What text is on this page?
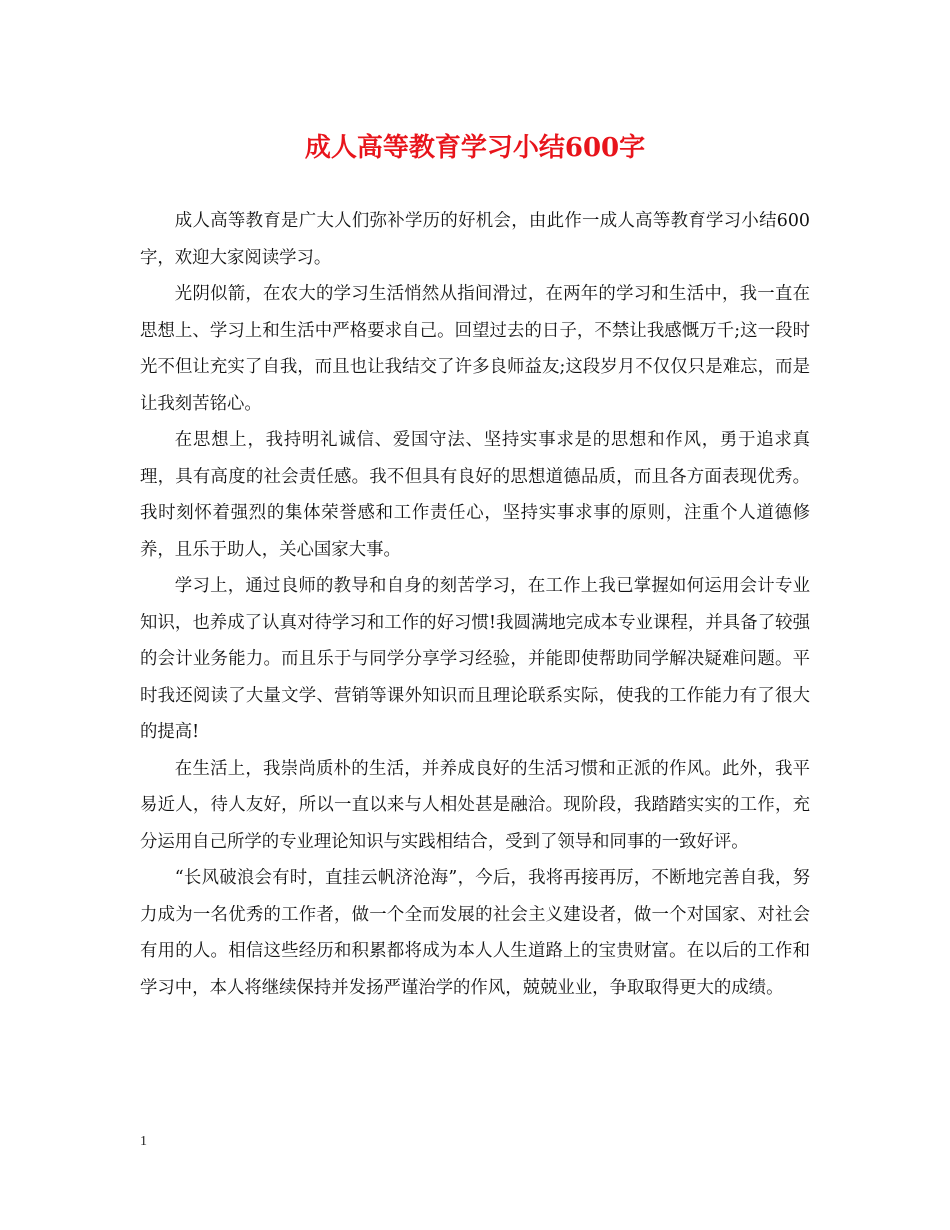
成人高等教育学习小结600字

成人高等教育是广大人们弥补学历的好机会，由此作一成人高等教育学习小结600字，欢迎大家阅读学习。

光阴似箭，在农大的学习生活悄然从指间滑过，在两年的学习和生活中，我一直在思想上、学习上和生活中严格要求自己。回望过去的日子，不禁让我感慨万千;这一段时光不但让充实了自我，而且也让我结交了许多良师益友;这段岁月不仅仅只是难忘，而是让我刻苦铭心。

在思想上，我持明礼诚信、爱国守法、坚持实事求是的思想和作风，勇于追求真理，具有高度的社会责任感。我不但具有良好的思想道德品质，而且各方面表现优秀。我时刻怀着强烈的集体荣誉感和工作责任心，坚持实事求事的原则，注重个人道德修养，且乐于助人，关心国家大事。

学习上，通过良师的教导和自身的刻苦学习，在工作上我已掌握如何运用会计专业知识，也养成了认真对待学习和工作的好习惯!我圆满地完成本专业课程，并具备了较强的会计业务能力。而且乐于与同学分享学习经验，并能即使帮助同学解决疑难问题。平时我还阅读了大量文学、营销等课外知识而且理论联系实际，使我的工作能力有了很大的提高!

在生活上，我崇尚质朴的生活，并养成良好的生活习惯和正派的作风。此外，我平易近人，待人友好，所以一直以来与人相处甚是融洽。现阶段，我踏踏实实的工作，充分运用自己所学的专业理论知识与实践相结合，受到了领导和同事的一致好评。

“长风破浪会有时，直挂云帆济沧海”，今后，我将再接再厉，不断地完善自我，努力成为一名优秀的工作者，做一个全而发展的社会主义建设者，做一个对国家、对社会有用的人。相信这些经历和积累都将成为本人人生道路上的宝贵财富。在以后的工作和学习中，本人将继续保持并发扬严谨治学的作风，兢兢业业，争取取得更大的成绩。

1
